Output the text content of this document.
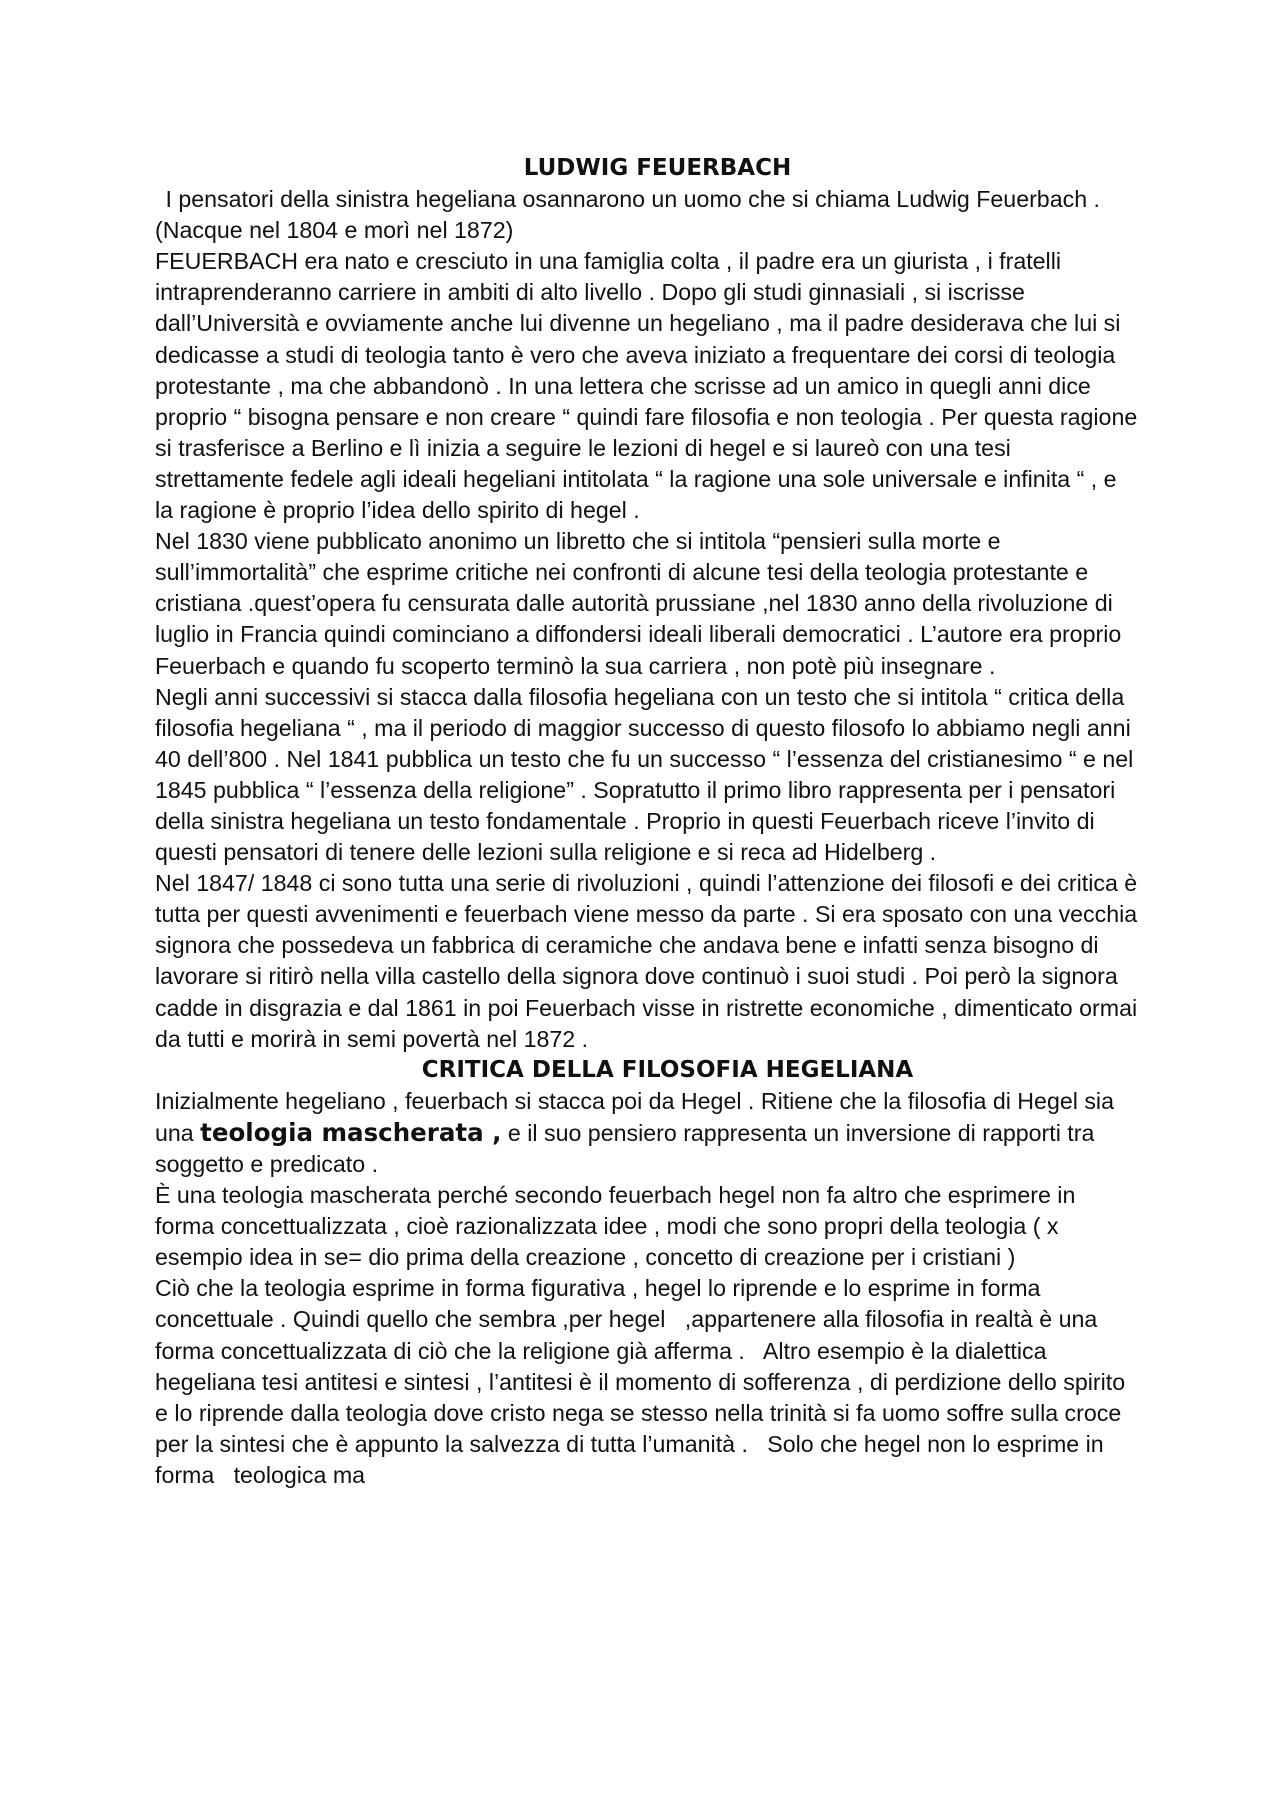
LUDWIG FEUERBACH

I pensatori della sinistra hegeliana osannarono un uomo che si chiama Ludwig Feuerbach . (Nacque nel 1804 e morì nel 1872)

FEUERBACH era nato e cresciuto in una famiglia colta , il padre era un giurista , i fratelli intraprenderanno carriere in ambiti di alto livello . Dopo gli studi ginnasiali , si iscrisse dall’Università e ovviamente anche lui divenne un hegeliano , ma il padre desiderava che lui si dedicasse a studi di teologia tanto è vero che aveva iniziato a frequentare dei corsi di teologia protestante , ma che abbandonò . In una lettera che scrisse ad un amico in quegli anni dice proprio “ bisogna pensare e non creare “ quindi fare filosofia e non teologia . Per questa ragione si trasferisce a Berlino e lì inizia a seguire le lezioni di hegel e si laureò con una tesi strettamente fedele agli ideali hegeliani intitolata “ la ragione una sole universale e infinita “ , e la ragione è proprio l’idea dello spirito di hegel .

Nel 1830 viene pubblicato anonimo un libretto che si intitola “pensieri sulla morte e sull’immortalità” che esprime critiche nei confronti di alcune tesi della teologia protestante e cristiana .quest’opera fu censurata dalle autorità prussiane ,nel 1830 anno della rivoluzione di luglio in Francia quindi cominciano a diffondersi ideali liberali democratici . L’autore era proprio Feuerbach e quando fu scoperto terminò la sua carriera , non potè più insegnare .

Negli anni successivi si stacca dalla filosofia hegeliana con un testo che si intitola “ critica della filosofia hegeliana “ , ma il periodo di maggior successo di questo filosofo lo abbiamo negli anni 40 dell’800 . Nel 1841 pubblica un testo che fu un successo “ l’essenza del cristianesimo “ e nel 1845 pubblica “ l’essenza della religione” . Sopratutto il primo libro rappresenta per i pensatori della sinistra hegeliana un testo fondamentale . Proprio in questi Feuerbach riceve l’invito di questi pensatori di tenere delle lezioni sulla religione e si reca ad Hidelberg .

Nel 1847/ 1848 ci sono tutta una serie di rivoluzioni , quindi l’attenzione dei filosofi e dei critica è tutta per questi avvenimenti e feuerbach viene messo da parte . Si era sposato con una vecchia signora che possedeva un fabbrica di ceramiche che andava bene e infatti senza bisogno di lavorare si ritirò nella villa castello della signora dove continuò i suoi studi . Poi però la signora cadde in disgrazia e dal 1861 in poi Feuerbach visse in ristrette economiche , dimenticato ormai da tutti e morirà in semi povertà nel 1872 .

CRITICA DELLA FILOSOFIA HEGELIANA

Inizialmente hegeliano , feuerbach si stacca poi da Hegel . Ritiene che la filosofia di Hegel sia una teologia mascherata , e il suo pensiero rappresenta un inversione di rapporti tra soggetto e predicato .

È una teologia mascherata perché secondo feuerbach hegel non fa altro che esprimere in forma concettualizzata , cioè razionalizzata idee , modi che sono propri della teologia ( x esempio idea in se= dio prima della creazione , concetto di creazione per i cristiani )

Ciò che la teologia esprime in forma figurativa , hegel lo riprende e lo esprime in forma concettuale . Quindi quello che sembra ,per hegel   ,appartenere alla filosofia in realtà è una forma concettualizzata di ciò che la religione già afferma .   Altro esempio è la dialettica hegeliana tesi antitesi e sintesi , l’antitesi è il momento di sofferenza , di perdizione dello spirito e lo riprende dalla teologia dove cristo nega se stesso nella trinità si fa uomo soffre sulla croce per la sintesi che è appunto la salvezza di tutta l’umanità .   Solo che hegel non lo esprime in forma   teologica ma
